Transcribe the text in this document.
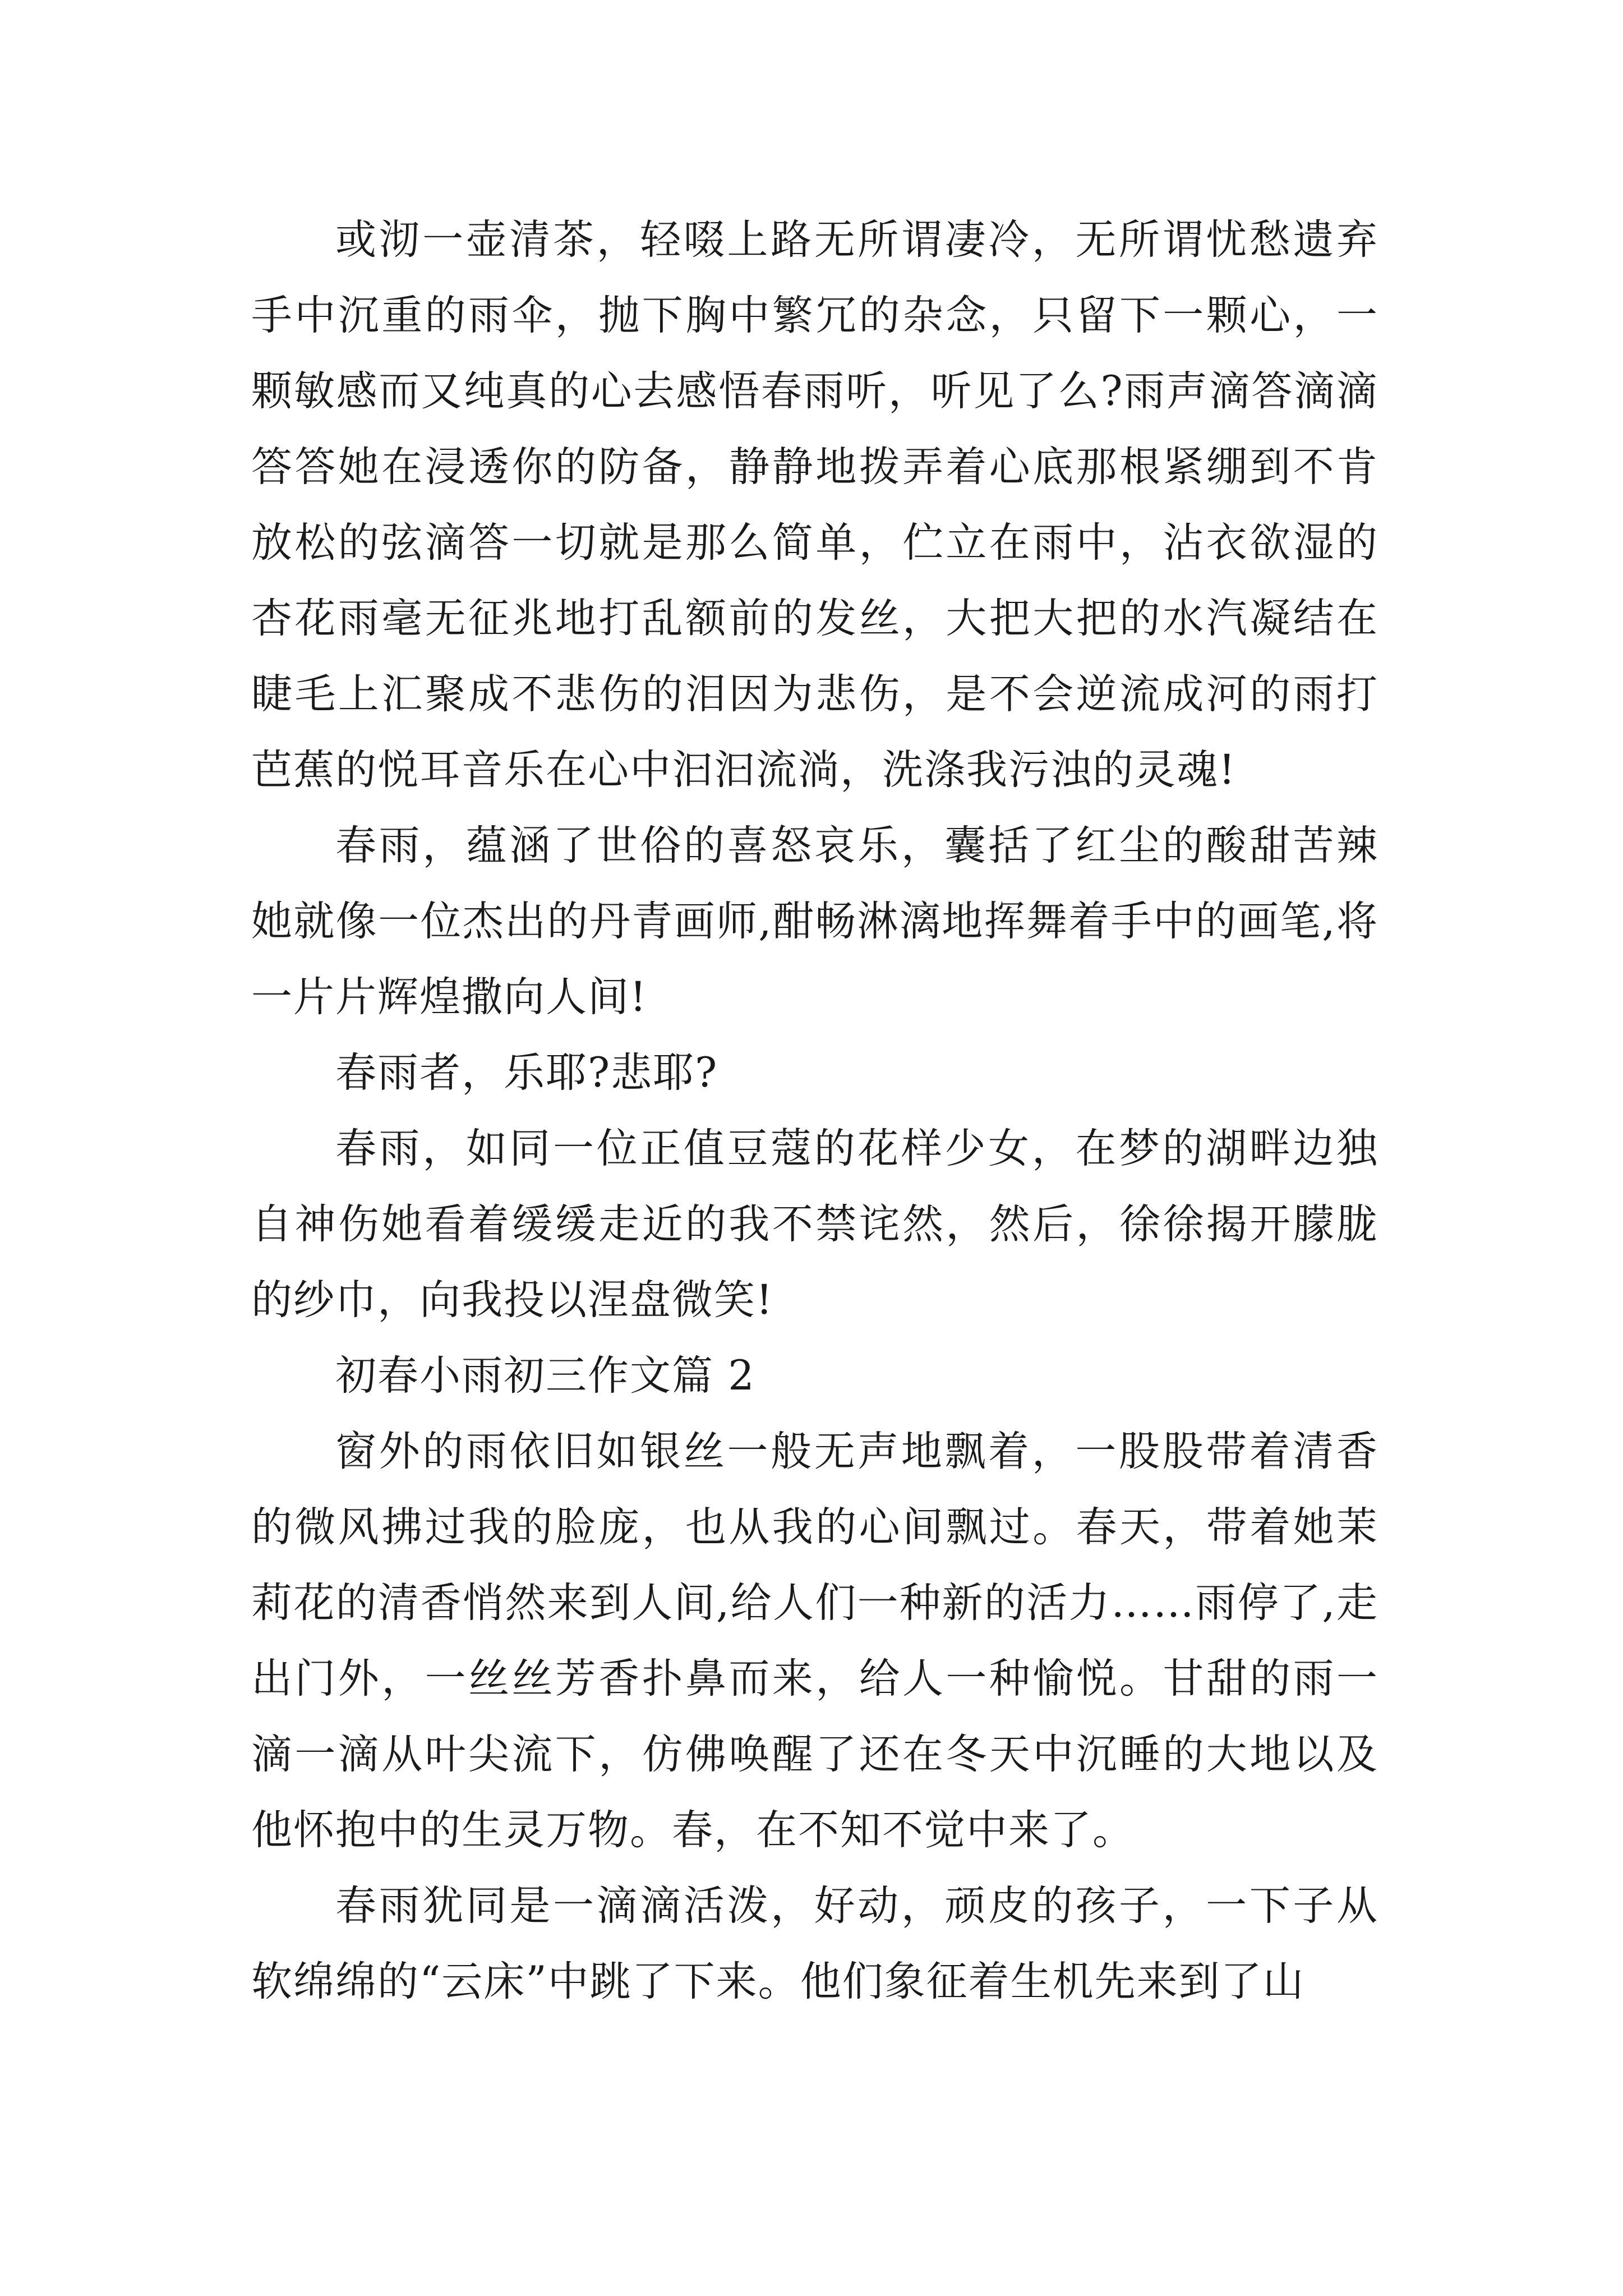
或沏一壶清茶，轻啜上路无所谓凄冷，无所谓忧愁遗弃手中沉重的雨伞，抛下胸中繁冗的杂念，只留下一颗心，一颗敏感而又纯真的心去感悟春雨听，听见了么?雨声滴答滴滴答答她在浸透你的防备，静静地拨弄着心底那根紧绷到不肯放松的弦滴答一切就是那么简单，伫立在雨中，沾衣欲湿的杏花雨毫无征兆地打乱额前的发丝，大把大把的水汽凝结在睫毛上汇聚成不悲伤的泪因为悲伤，是不会逆流成河的雨打芭蕉的悦耳音乐在心中汩汩流淌，洗涤我污浊的灵魂!

春雨，蕴涵了世俗的喜怒哀乐，囊括了红尘的酸甜苦辣她就像一位杰出的丹青画师,酣畅淋漓地挥舞着手中的画笔,将一片片辉煌撒向人间!

春雨者，乐耶?悲耶?

春雨，如同一位正值豆蔻的花样少女，在梦的湖畔边独自神伤她看着缓缓走近的我不禁诧然，然后，徐徐揭开朦胧的纱巾，向我投以涅盘微笑!

初春小雨初三作文篇 2

窗外的雨依旧如银丝一般无声地飘着，一股股带着清香的微风拂过我的脸庞，也从我的心间飘过。春天，带着她茉莉花的清香悄然来到人间,给人们一种新的活力……雨停了,走出门外，一丝丝芳香扑鼻而来，给人一种愉悦。甘甜的雨一滴一滴从叶尖流下，仿佛唤醒了还在冬天中沉睡的大地以及他怀抱中的生灵万物。春，在不知不觉中来了。

春雨犹同是一滴滴活泼，好动，顽皮的孩子，一下子从软绵绵的“云床”中跳了下来。他们象征着生机先来到了山
